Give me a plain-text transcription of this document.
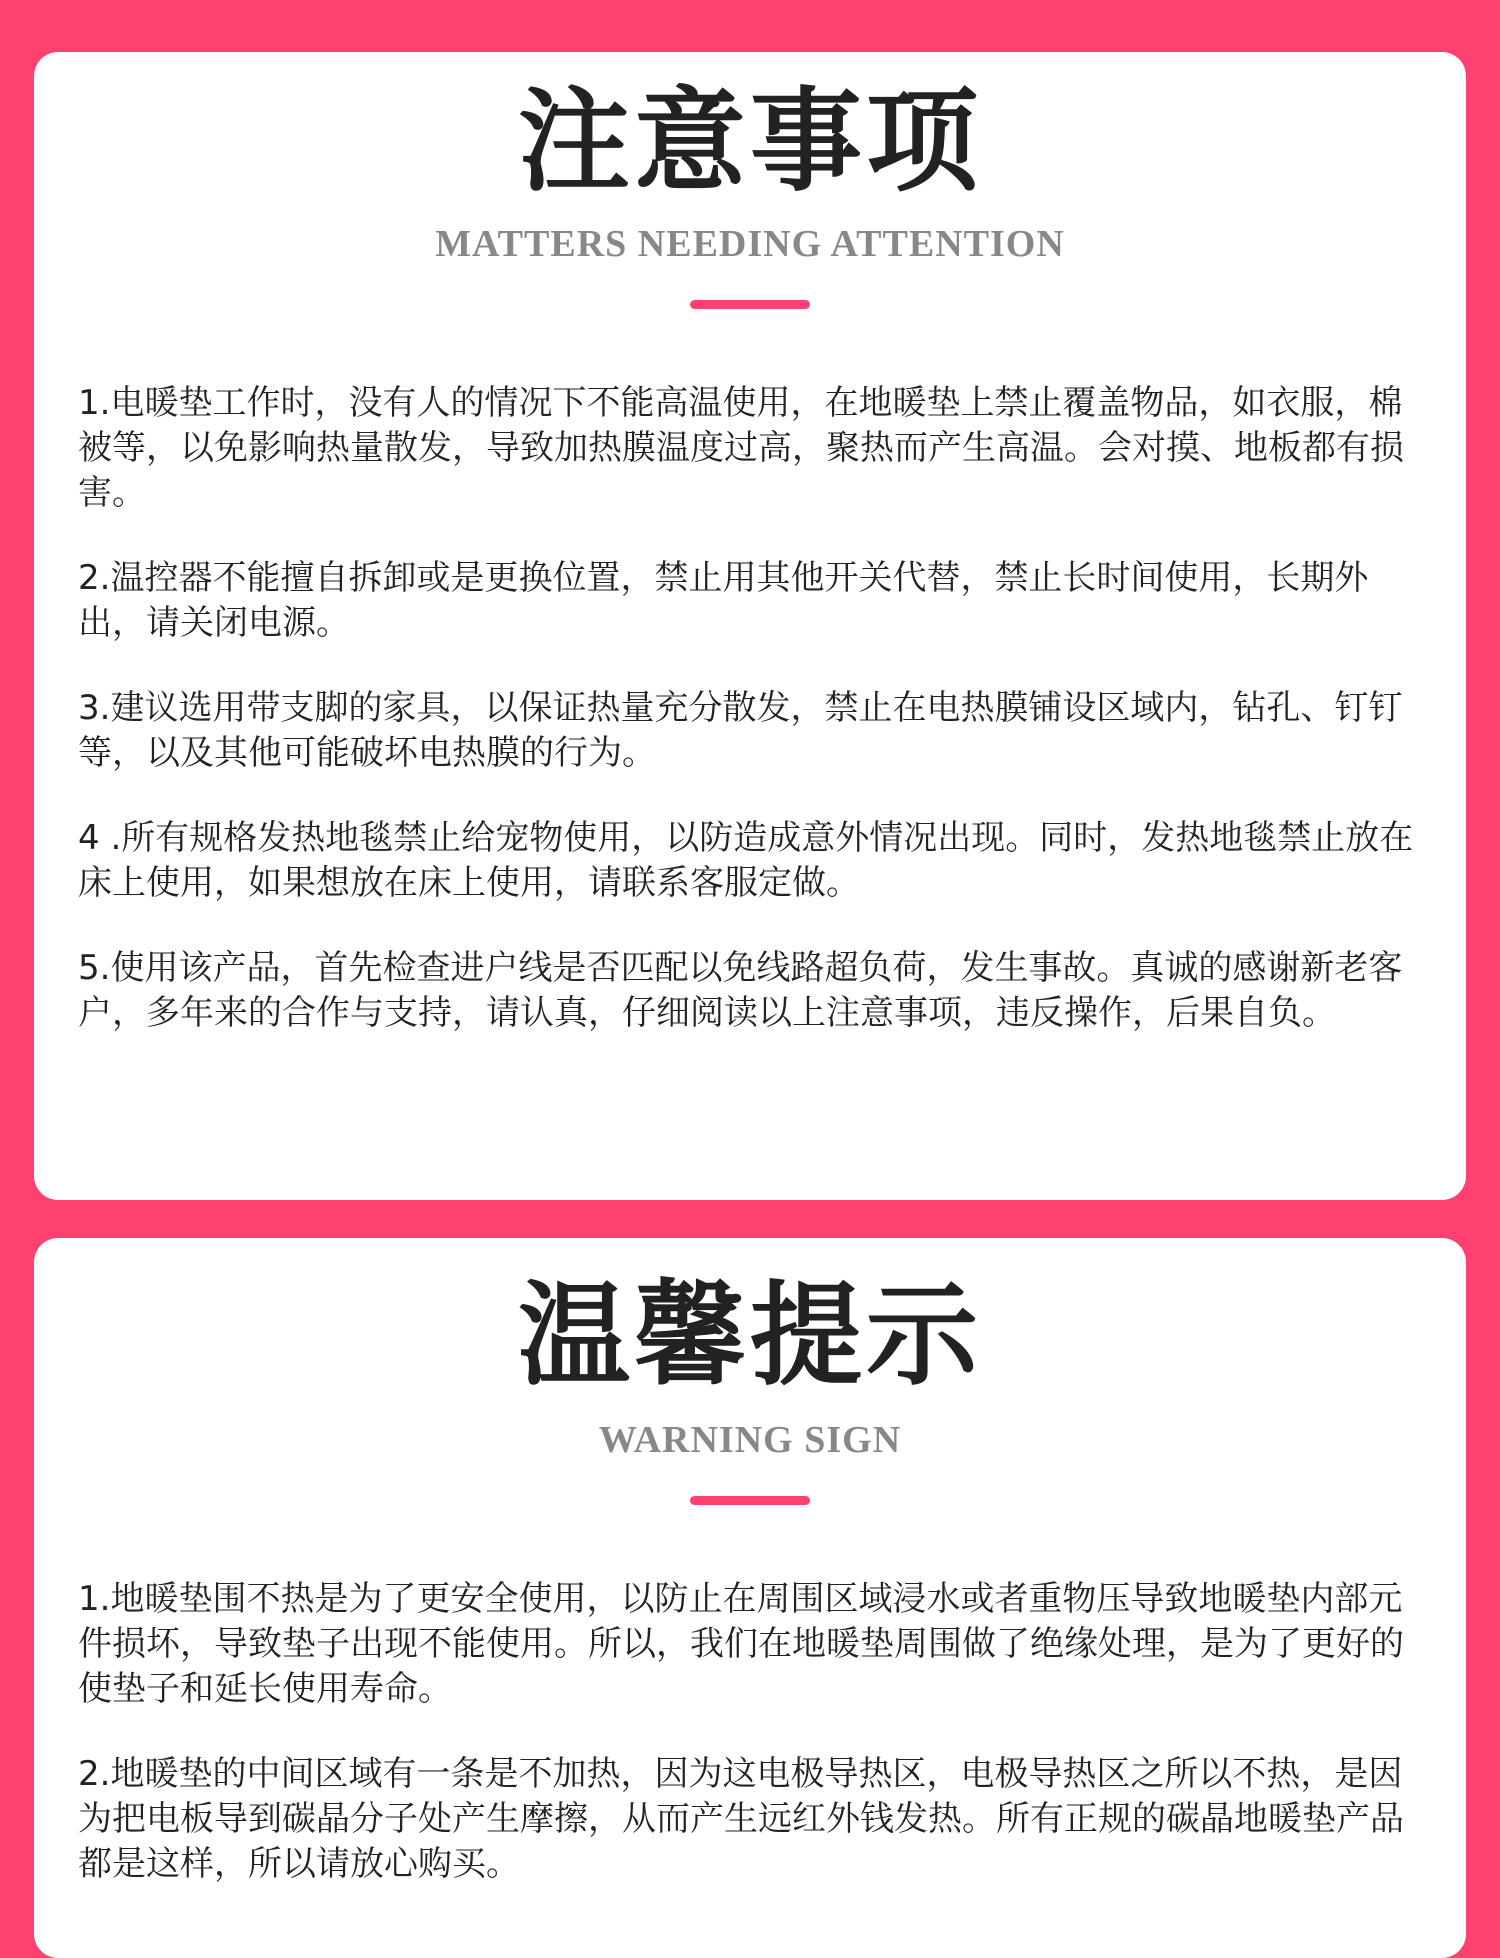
注意事项

MATTERS NEEDING ATTENTION

1.电暖垫工作时，没有人的情况下不能高温使用，在地暖垫上禁止覆盖物品，如衣服，棉被等，以免影响热量散发，导致加热膜温度过高，聚热而产生高温。会对摸、地板都有损害。

2.温控器不能擅自拆卸或是更换位置，禁止用其他开关代替，禁止长时间使用，长期外出，请关闭电源。

3.建议选用带支脚的家具，以保证热量充分散发，禁止在电热膜铺设区域内，钻孔、钉钉等，以及其他可能破坏电热膜的行为。

4 .所有规格发热地毯禁止给宠物使用，以防造成意外情况出现。同时，发热地毯禁止放在床上使用，如果想放在床上使用，请联系客服定做。

5.使用该产品，首先检查进户线是否匹配以免线路超负荷，发生事故。真诚的感谢新老客户，多年来的合作与支持，请认真，仔细阅读以上注意事项，违反操作，后果自负。

温馨提示

WARNING SIGN

1.地暖垫围不热是为了更安全使用，以防止在周围区域浸水或者重物压导致地暖垫内部元件损坏，导致垫子出现不能使用。所以，我们在地暖垫周围做了绝缘处理，是为了更好的使垫子和延长使用寿命。

2.地暖垫的中间区域有一条是不加热，因为这电极导热区，电极导热区之所以不热，是因为把电板导到碳晶分子处产生摩擦，从而产生远红外钱发热。所有正规的碳晶地暖垫产品都是这样，所以请放心购买。
